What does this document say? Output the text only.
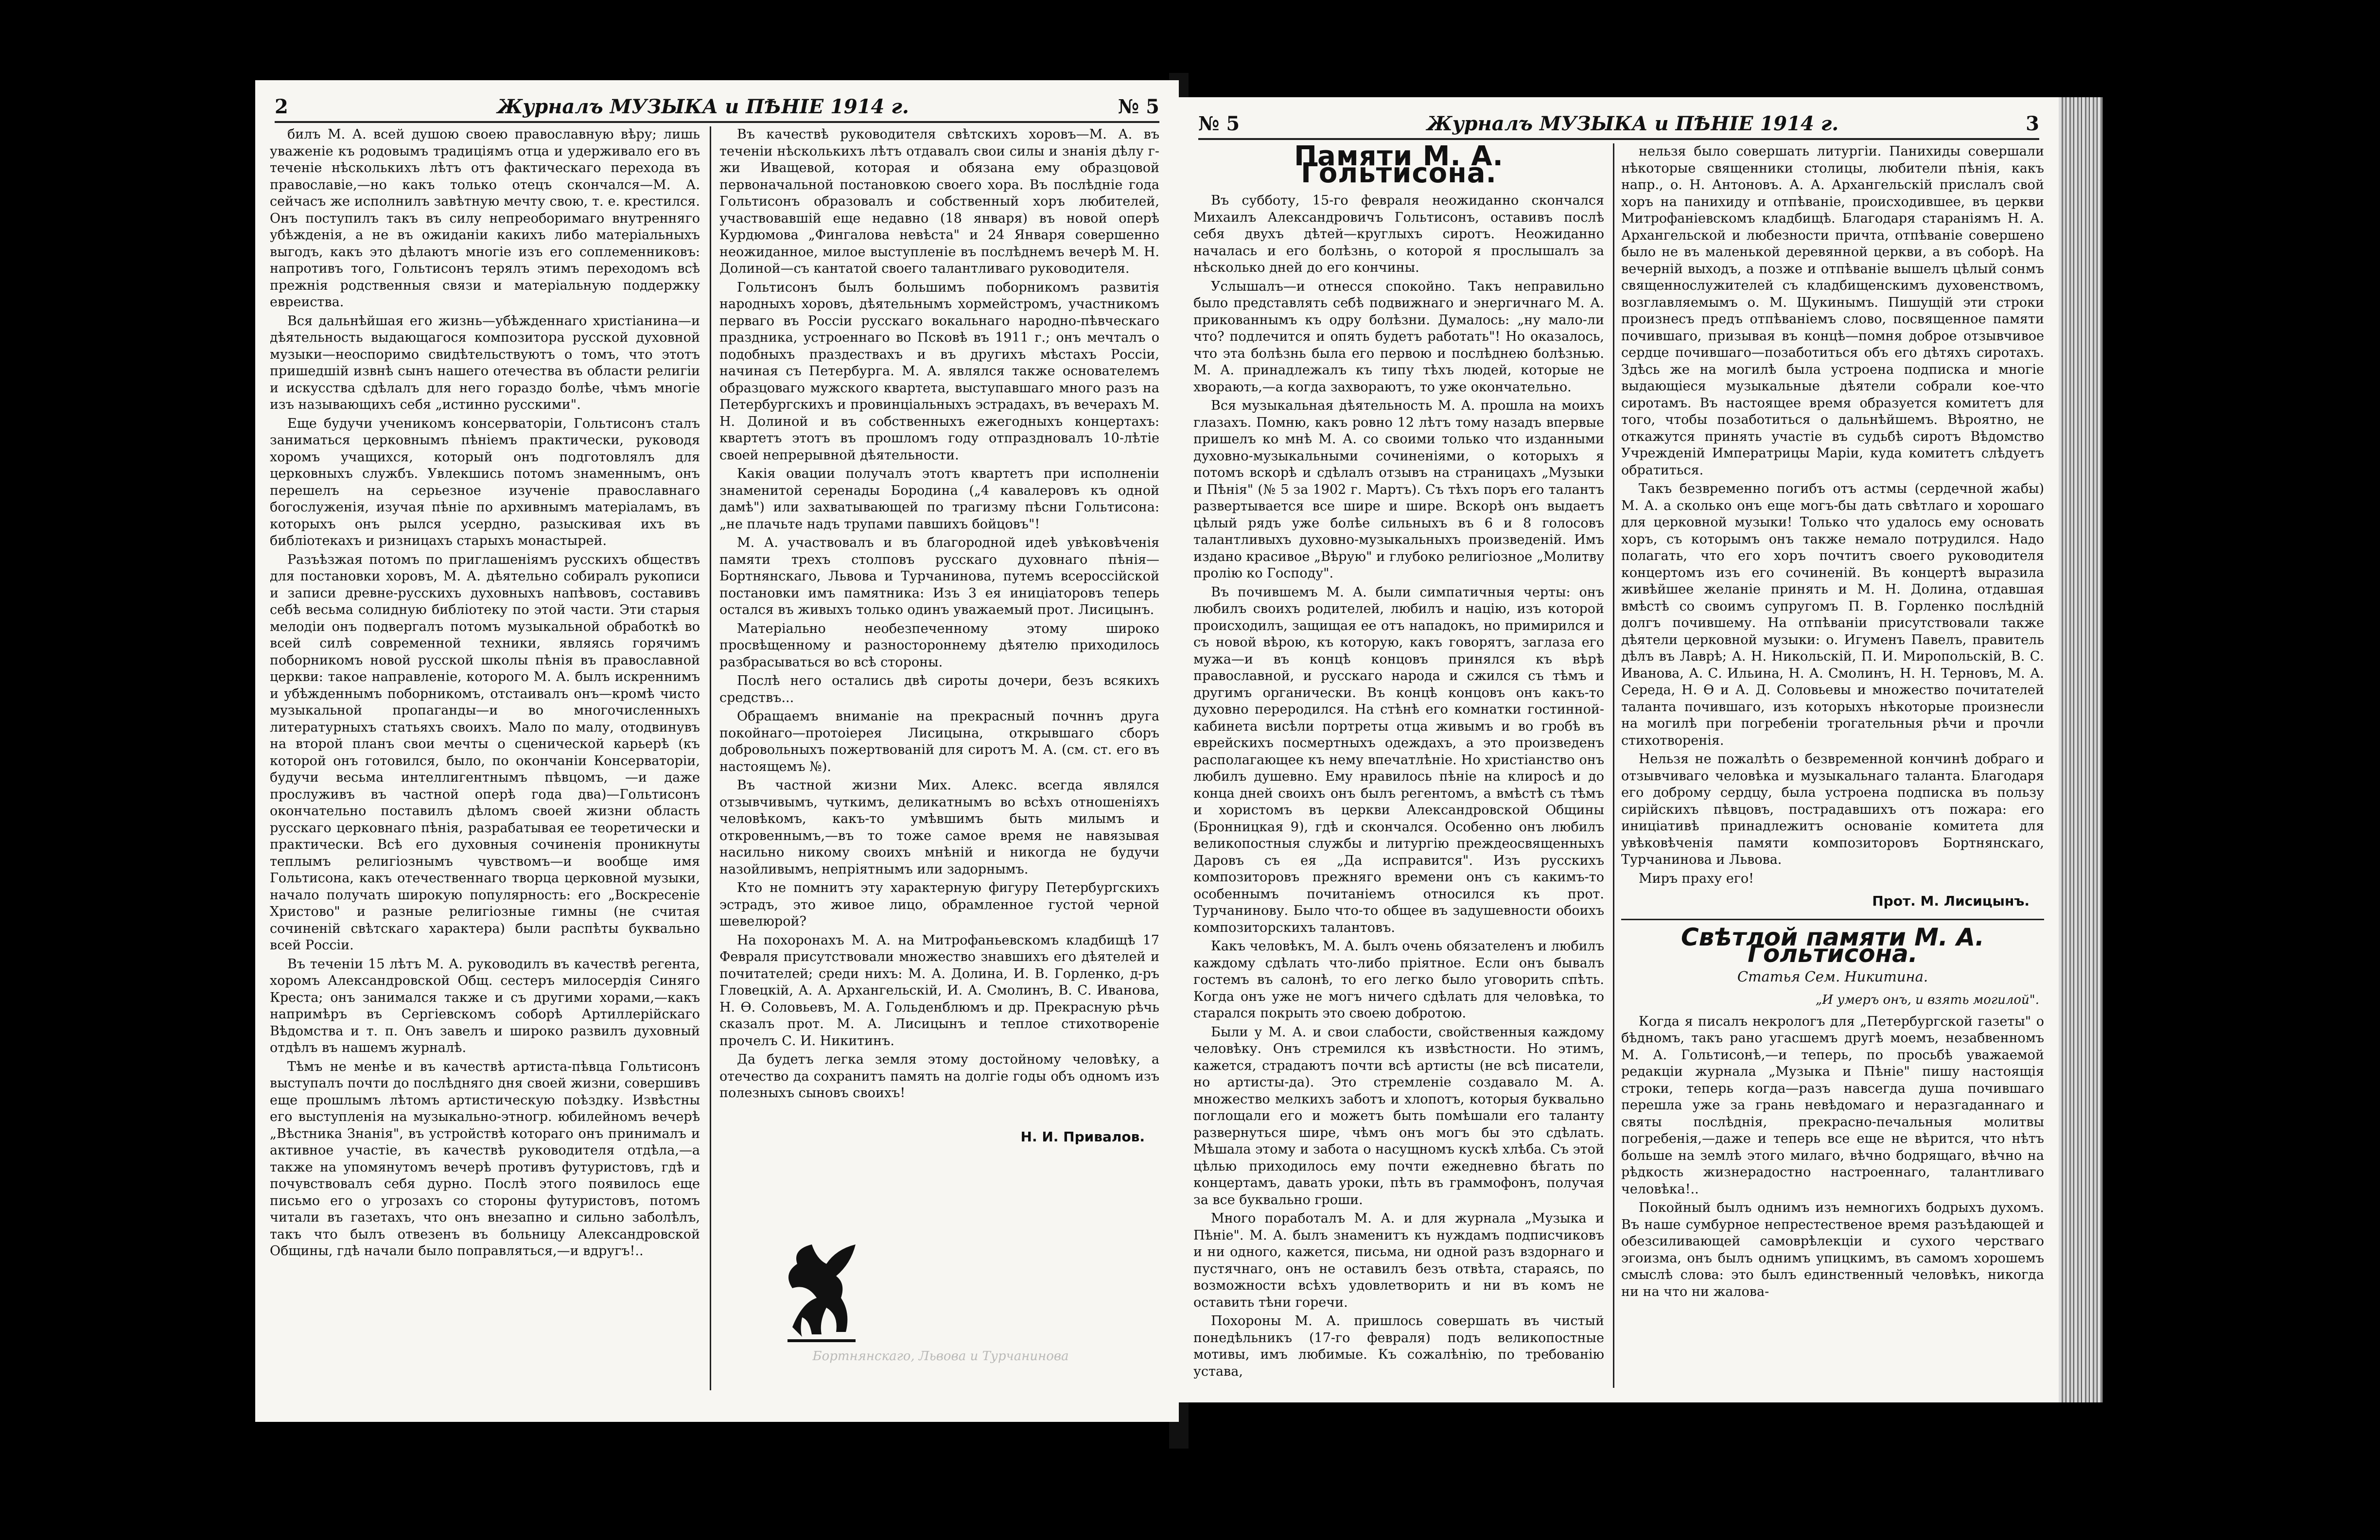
2	Журналъ МУЗЫКА и ПѢНІЕ 1914 г.	№ 5

билъ М. А. всей душою своею православную вѣру; лишь уваженіе къ родовымъ традиціямъ отца и удерживало его въ теченіе нѣсколькихъ лѣтъ отъ фактическаго перехода въ православіе,—но какъ только отецъ скончался—М. А. сейчасъ же исполнилъ завѣтную мечту свою, т. е. крестился. Онъ поступилъ такъ въ силу непреоборимаго внутренняго убѣжденія, а не въ ожиданіи какихъ либо матеріальныхъ выгодъ, какъ это дѣлаютъ многіе изъ его соплеменниковъ: напротивъ того, Гольтисонъ терялъ этимъ переходомъ всѣ прежнія родственныя связи и матеріальную поддержку евреиства.

Вся дальнѣйшая его жизнь—убѣжденнаго христіанина—и дѣятельность выдающагося композитора русской духовной музыки—неоспоримо свидѣтельствуютъ о томъ, что этотъ пришедшій извнѣ сынъ нашего отечества въ области религіи и искусства сдѣлалъ для него гораздо болѣе, чѣмъ многіе изъ называющихъ себя „истинно русскими".

Еще будучи ученикомъ консерваторіи, Гольтисонъ сталъ заниматься церковнымъ пѣніемъ практически, руководя хоромъ учащихся, который онъ подготовлялъ для церковныхъ службъ. Увлекшись потомъ знаменнымъ, онъ перешелъ на серьезное изученіе православнаго богослуженія, изучая пѣніе по архивнымъ матеріаламъ, въ которыхъ онъ рылся усердно, разыскивая ихъ въ библіотекахъ и ризницахъ старыхъ монастырей.

Разъѣзжая потомъ по приглашеніямъ русскихъ обществъ для постановки хоровъ, М. А. дѣятельно собиралъ рукописи и записи древне-русскихъ духовныхъ напѣвовъ, составивъ себѣ весьма солидную библіотеку по этой части. Эти старыя мелодіи онъ подвергалъ потомъ музыкальной обработкѣ во всей силѣ современной техники, являясь горячимъ поборникомъ новой русской школы пѣнія въ православной церкви: такое направленіе, которого М. А. былъ искреннимъ и убѣжденнымъ поборникомъ, отстаивалъ онъ—кромѣ чисто музыкальной пропаганды—и во многочисленныхъ литературныхъ статьяхъ своихъ. Мало по малу, отодвинувъ на второй планъ свои мечты о сценической карьерѣ (къ которой онъ готовился, было, по окончаніи Консерваторіи, будучи весьма интеллигентнымъ пѣвцомъ, —и даже прослуживъ въ частной оперѣ года два)—Гольтисонъ окончательно поставилъ дѣломъ своей жизни область русскаго церковнаго пѣнія, разрабатывая ее теоретически и практически. Всѣ его духовныя сочиненія проникнуты теплымъ религіознымъ чувствомъ—и вообще имя Гольтисона, какъ отечественнаго творца церковной музыки, начало получать широкую популярность: его „Воскресеніе Христово" и разные религіозные гимны (не считая сочиненій свѣтскаго характера) были распѣты буквально всей Россіи.

Въ теченіи 15 лѣтъ М. А. руководилъ въ качествѣ регента, хоромъ Александровской Общ. сестеръ милосердія Синяго Креста; онъ занимался также и съ другими хорами,—какъ напримѣръ въ Сергіевскомъ соборѣ Артиллерійскаго Вѣдомства и т. п. Онъ завелъ и широко развилъ духовный отдѣлъ въ нашемъ журналѣ.

Тѣмъ не менѣе и въ качествѣ артиста-пѣвца Гольтисонъ выступалъ почти до послѣдняго дня своей жизни, совершивъ еще прошлымъ лѣтомъ артистическую поѣздку. Извѣстны его выступленія на музыкально-этногр. юбилейномъ вечерѣ „Вѣстника Знанія", въ устройствѣ котораго онъ принималъ и активное участіе, въ качествѣ руководителя отдѣла,—а также на упомянутомъ вечерѣ противъ футуристовъ, гдѣ и почувствовалъ себя дурно. Послѣ этого появилось еще письмо его о угрозахъ со стороны футуристовъ, потомъ читали въ газетахъ, что онъ внезапно и сильно заболѣлъ, такъ что былъ отвезенъ въ больницу Александровской Общины, гдѣ начали было поправляться,—и вдругъ!..

Въ качествѣ руководителя свѣтскихъ хоровъ—М. А. въ теченіи нѣсколькихъ лѣтъ отдавалъ свои силы и знанія дѣлу г-жи Иващевой, которая и обязана ему образцовой первоначальной постановкою своего хора. Въ послѣдніе года Гольтисонъ образовалъ и собственный хоръ любителей, участвовавшій еще недавно (18 января) въ новой оперѣ Курдюмова „Фингалова невѣста" и 24 Января совершенно неожиданное, милое выступленіе въ послѣднемъ вечерѣ М. Н. Долиной—съ кантатой своего талантливаго руководителя.

Гольтисонъ былъ большимъ поборникомъ развитія народныхъ хоровъ, дѣятельнымъ хормейстромъ, участникомъ перваго въ Россіи русскаго вокальнаго народно-пѣвческаго праздника, устроеннаго во Псковѣ въ 1911 г.; онъ мечталъ о подобныхъ праздествахъ и въ другихъ мѣстахъ Россіи, начиная съ Петербурга. М. А. являлся также основателемъ образцоваго мужского квартета, выступавшаго много разъ на Петербургскихъ и провинціальныхъ эстрадахъ, въ вечерахъ М. Н. Долиной и въ собственныхъ ежегодныхъ концертахъ: квартетъ этотъ въ прошломъ году отпраздновалъ 10-лѣтіе своей непрерывной дѣятельности.

Какія овации получалъ этотъ квартетъ при исполненіи знаменитой серенады Бородина („4 кавалеровъ къ одной дамѣ") или захватывающей по трагизму пѣсни Гольтисона: „не плачьте надъ трупами павшихъ бойцовъ"!

М. А. участвовалъ и въ благородной идеѣ увѣковѣченія памяти трехъ столповъ русскаго духовнаго пѣнія—Бортнянскаго, Львова и Турчанинова, путемъ всероссійской постановки имъ памятника: Изъ 3 ея иниціаторовъ теперь остался въ живыхъ только одинъ уважаемый прот. Лисицынъ.

Матеріально необезпеченному этому широко просвѣщенному и разностороннему дѣятелю приходилось разбрасываться во всѣ стороны.

Послѣ него остались двѣ сироты дочери, безъ всякихъ средствъ...

Обращаемъ вниманіе на прекрасный почннъ друга покойнаго—протоіерея Лисицына, открывшаго сборъ добровольныхъ пожертвованій для сиротъ М. А. (см. ст. его въ настоящемъ №).

Въ частной жизни Мих. Алекс. всегда являлся отзывчивымъ, чуткимъ, деликатнымъ во всѣхъ отношеніяхъ человѣкомъ, какъ-то умѣвшимъ быть милымъ и откровеннымъ,—въ то тоже самое время не навязывая насильно никому своихъ мнѣній и никогда не будучи назойливымъ, непріятнымъ или задорнымъ.

Кто не помнитъ эту характерную фигуру Петербургскихъ эстрадъ, это живое лицо, обрамленное густой черной шевелюрой?

На похоронахъ М. А. на Митрофаньевскомъ кладбищѣ 17 Февраля присутствовали множество знавшихъ его дѣятелей и почитателей; среди нихъ: М. А. Долина, И. В. Горленко, д-ръ Гловецкій, А. А. Архангельскій, И. А. Смолинъ, В. С. Иванова, Н. Ѳ. Соловьевъ, М. А. Гольденблюмъ и др. Прекрасную рѣчь сказалъ прот. М. А. Лисицынъ и теплое стихотвореніе прочелъ С. И. Никитинъ.

Да будетъ легка земля этому достойному человѣку, а отечество да сохранитъ память на долгіе годы объ одномъ изъ полезныхъ сыновъ своихъ!

Н. И. Привалов.
Бортнянскаго, Львова и Турчанинова
№ 5	Журналъ МУЗЫКА и ПѢНІЕ 1914 г.	3
Памяти М. А. Гольтисона.

Въ субботу, 15-го февраля неожиданно скончался Михаилъ Александровичъ Гольтисонъ, оставивъ послѣ себя двухъ дѣтей—круглыхъ сиротъ. Неожиданно началась и его болѣзнь, о которой я прослышалъ за нѣсколько дней до его кончины.

Услышалъ—и отнесся спокойно. Такъ неправильно было представлять себѣ подвижнаго и энергичнаго М. А. прикованнымъ къ одру болѣзни. Думалось: „ну мало-ли что? подлечится и опять будетъ работать"! Но оказалось, что эта болѣзнь была его первою и послѣднею болѣзнью. М. А. принадлежалъ къ типу тѣхъ людей, которые не хворають,—а когда захвораютъ, то уже окончательно.

Вся музыкальная дѣятельность М. А. прошла на моихъ глазахъ. Помню, какъ ровно 12 лѣтъ тому назадъ впервые пришелъ ко мнѣ М. А. со своими только что изданными духовно-музыкальными сочиненіями, о которыхъ я потомъ вскорѣ и сдѣлалъ отзывъ на страницахъ „Музыки и Пѣнія" (№ 5 за 1902 г. Мартъ). Съ тѣхъ поръ его талантъ развертывается все шире и шире. Вскорѣ онъ выдаетъ цѣлый рядъ уже болѣе сильныхъ въ 6 и 8 голосовъ талантливыхъ духовно-музыкальныхъ произведеній. Имъ издано красивое „Вѣрую" и глубоко религіозное „Молитву пролію ко Господу".

Въ почившемъ М. А. были симпатичныя черты: онъ любилъ своихъ родителей, любилъ и націю, изъ которой происходилъ, защищая ее отъ нападокъ, но примирился и съ новой вѣрою, къ которую, какъ говорятъ, заглаза его мужа—и въ концѣ концовъ принялся къ вѣрѣ православной, и русскаго народа и сжился съ тѣмъ и другимъ органически. Въ концѣ концовъ онъ какъ-то духовно переродился. На стѣнѣ его комнатки гостинной-кабинета висѣли портреты отца живымъ и во гробѣ въ еврейскихъ посмертныхъ одеждахъ, а это произведенъ располагающее къ нему впечатлѣніе. Но христіанство онъ любилъ душевно. Ему нравилось пѣніе на клиросѣ и до конца дней своихъ онъ былъ регентомъ, а вмѣстѣ съ тѣмъ и хористомъ въ церкви Александровской Общины (Бронницкая 9), гдѣ и скончался. Особенно онъ любилъ великопостныя службы и литургію преждеосвященныхъ Даровъ съ ея „Да исправится". Изъ русскихъ композиторовъ прежняго времени онъ съ какимъ-то особеннымъ почитаніемъ относился къ прот. Турчанинову. Было что-то общее въ задушевности обоихъ композиторскихъ талантовъ.

Какъ человѣкъ, М. А. былъ очень обязателенъ и любилъ каждому сдѣлать что-либо пріятное. Если онъ бывалъ гостемъ въ салонѣ, то его легко было уговорить спѣть. Когда онъ уже не могъ ничего сдѣлать для человѣка, то старался покрыть это своею добротою.

Были у М. А. и свои слабости, свойственныя каждому человѣку. Онъ стремился къ извѣстности. Но этимъ, кажется, страдаютъ почти всѣ артисты (не всѣ писатели, но артисты-да). Это стремленіе создавало М. А. множество мелкихъ заботъ и хлопотъ, которыя буквально поглощали его и можетъ быть помѣшали его таланту развернуться шире, чѣмъ онъ могъ бы это сдѣлать. Мѣшала этому и забота о насущномъ кускѣ хлѣба. Съ этой цѣлью приходилось ему почти ежедневно бѣгать по концертамъ, давать уроки, пѣть въ граммофонъ, получая за все буквально гроши.

Много поработалъ М. А. и для журнала „Музыка и Пѣніе". М. А. былъ знаменитъ къ нуждамъ подписчиковъ и ни одного, кажется, письма, ни одной разъ вздорнаго и пустячнаго, онъ не оставилъ безъ отвѣта, стараясь, по возможности всѣхъ удовлетворить и ни въ комъ не оставить тѣни горечи.

Похороны М. А. пришлось совершать въ чистый понедѣльникъ (17-го февраля) подъ великопостные мотивы, имъ любимые. Къ сожалѣнію, по требованію устава,

нельзя было совершать литургіи. Панихиды совершали нѣкоторые священники столицы, любители пѣнія, какъ напр., о. Н. Антоновъ. А. А. Архангельскій прислалъ свой хоръ на панихиду и отпѣваніе, происходившее, въ церкви Митрофаніевскомъ кладбищѣ. Благодаря стараніямъ Н. А. Архангельской и любезности причта, отпѣваніе совершено было не въ маленькой деревянной церкви, а въ соборѣ. На вечерній выходъ, а позже и отпѣваніе вышелъ цѣлый сонмъ священнослужителей съ кладбищенскимъ духовенствомъ, возглавляемымъ о. М. Щукинымъ. Пишущій эти строки произнесъ предъ отпѣваніемъ слово, посвященное памяти почившаго, призывая въ концѣ—помня доброе отзывчивое сердце почившаго—позаботиться объ его дѣтяхъ сиротахъ. Здѣсь же на могилѣ была устроена подписка и многіе выдающіеся музыкальные дѣятели собрали кое-что сиротамъ. Въ настоящее время образуется комитетъ для того, чтобы позаботиться о дальнѣйшемъ. Вѣроятно, не откажутся принять участіе въ судьбѣ сиротъ Вѣдомство Учрежденій Императрицы Маріи, куда комитетъ слѣдуетъ обратиться.

Такъ безвременно погибъ отъ астмы (сердечной жабы) М. А. а сколько онъ еще могъ-бы дать свѣтлаго и хорошаго для церковной музыки! Только что удалось ему основать хоръ, съ которымъ онъ также немало потрудился. Надо полагать, что его хоръ почтитъ своего руководителя концертомъ изъ его сочиненій. Въ концертѣ выразила живѣйшее желаніе принять и М. Н. Долина, отдавшая вмѣстѣ со своимъ супругомъ П. В. Горленко послѣдній долгъ почившему. На отпѣваніи присутствовали также дѣятели церковной музыки: о. Игуменъ Павелъ, правитель дѣлъ въ Лаврѣ; А. Н. Никольскій, П. И. Миропольскій, В. С. Иванова, А. С. Ильина, Н. А. Смолинъ, Н. Н. Терновъ, М. А. Середа, Н. Ѳ и А. Д. Соловьевы и множество почитателей таланта почившаго, изъ которыхъ нѣкоторые произнесли на могилѣ при погребеніи трогательныя рѣчи и прочли стихотворенія.

Нельзя не пожалѣть о безвременной кончинѣ добраго и отзывчиваго человѣка и музыкальнаго таланта. Благодаря его доброму сердцу, была устроена подписка въ пользу сирійскихъ пѣвцовъ, пострадавшихъ отъ пожара: его иниціативѣ принадлежитъ основаніе комитета для увѣковѣченія памяти композиторовъ Бортнянскаго, Турчанинова и Львова.

Миръ праху его!

Прот. М. Лисицынъ.
Свѣтлой памяти М. А. Гольтисона.
Статья Сем. Никитина.
„И умеръ онъ, и взять могилой".

Когда я писалъ некрологъ для „Петербургской газеты" о бѣдномъ, такъ рано угасшемъ другѣ моемъ, незабвенномъ М. А. Гольтисонѣ,—и теперь, по просьбѣ уважаемой редакціи журнала „Музыка и Пѣніе" пишу настоящія строки, теперь когда—разъ навсегда душа почившаго перешла уже за грань невѣдомаго и неразгаданнаго и святы послѣднія, прекрасно-печальныя молитвы погребенія,—даже и теперь все еще не вѣрится, что нѣтъ больше на землѣ этого милаго, вѣчно бодрящаго, вѣчно на рѣдкость жизнерадостно настроеннаго, талантливаго человѣка!..

Покойный былъ однимъ изъ немногихъ бодрыхъ духомъ. Въ наше сумбурное непрестественое время разъѣдающей и обезсиливающей самоврѣлекціи и сухого черстваго эгоизма, онъ былъ однимъ упицкимъ, въ самомъ хорошемъ смыслѣ слова: это былъ единственный человѣкъ, никогда ни на что ни жалова-
